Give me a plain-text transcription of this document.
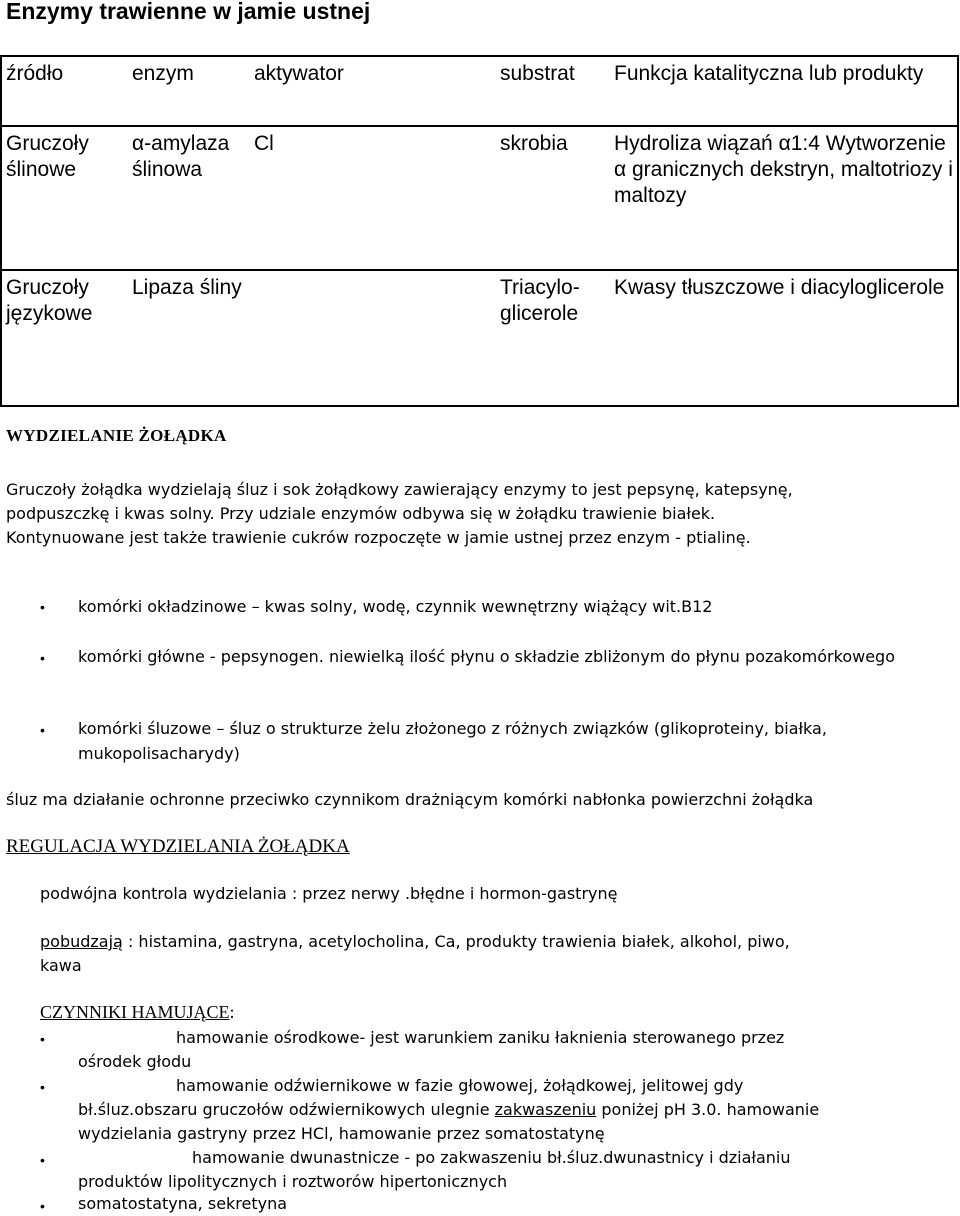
Enzymy trawienne w jamie ustnej
źródło	enzym	aktywator	substrat	Funkcja katalityczna lub produkty
Gruczoły ślinowe	α-amylaza ślinowa	Cl	skrobia	Hydroliza wiązań α1:4 Wytworzenie α granicznych dekstryn, maltotriozy i maltozy
Gruczoły językowe	Lipaza śliny		Triacylo-glicerole	Kwasy tłuszczowe i diacyloglicerole
WYDZIELANIE ŻOŁĄDKA
Gruczoły żołądka wydzielają śluz i sok żołądkowy zawierający enzymy to jest pepsynę, katepsynę,
podpuszczkę i kwas solny. Przy udziale enzymów odbywa się w żołądku trawienie białek.
Kontynuowane jest także trawienie cukrów rozpoczęte w jamie ustnej przez enzym - ptialinę.
• komórki okładzinowe – kwas solny, wodę, czynnik wewnętrzny wiążący wit.B12
• komórki główne - pepsynogen. niewielką ilość płynu o składzie zbliżonym do płynu pozakomórkowego
• komórki śluzowe – śluz o strukturze żelu złożonego z różnych związków (glikoproteiny, białka, mukopolisacharydy)
śluz ma działanie ochronne przeciwko czynnikom drażniącym komórki nabłonka powierzchni żołądka
REGULACJA WYDZIELANIA ŻOŁĄDKA
podwójna kontrola wydzielania : przez nerwy .błędne i hormon-gastrynę
pobudzają : histamina, gastryna, acetylocholina, Ca, produkty trawienia białek, alkohol, piwo,
kawa
CZYNNIKI HAMUJĄCE:
•	hamowanie ośrodkowe- jest warunkiem zaniku łaknienia sterowanego przez
ośrodek głodu
•	hamowanie odźwiernikowe w fazie głowowej, żołądkowej, jelitowej gdy
bł.śluz.obszaru gruczołów odźwiernikowych ulegnie zakwaszeniu poniżej pH 3.0. hamowanie
wydzielania gastryny przez HCl, hamowanie przez somatostatynę
•	hamowanie dwunastnicze - po zakwaszeniu bł.śluz.dwunastnicy i działaniu
produktów lipolitycznych i roztworów hipertonicznych
• somatostatyna, sekretyna
